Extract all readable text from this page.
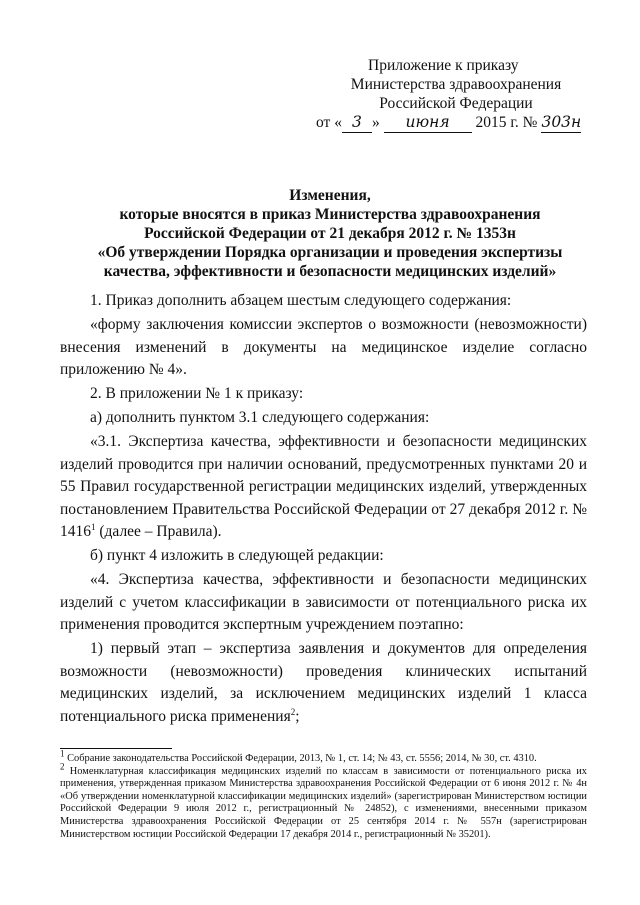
Приложение к приказу
Министерства здравоохранения
Российской Федерации
от « 3 » июня 2015 г. № 303н
Изменения,
которые вносятся в приказ Министерства здравоохранения
Российской Федерации от 21 декабря 2012 г. № 1353н
«Об утверждении Порядка организации и проведения экспертизы
качества, эффективности и безопасности медицинских изделий»

1. Приказ дополнить абзацем шестым следующего содержания:

«форму заключения комиссии экспертов о возможности (невозможности) внесения изменений в документы на медицинское изделие согласно приложению № 4».

2. В приложении № 1 к приказу:

а) дополнить пунктом 3.1 следующего содержания:

«3.1. Экспертиза качества, эффективности и безопасности медицинских изделий проводится при наличии оснований, предусмотренных пунктами 20 и 55 Правил государственной регистрации медицинских изделий, утвержденных постановлением Правительства Российской Федерации от 27 декабря 2012 г. № 1416$^1$ (далее – Правила).

б) пункт 4 изложить в следующей редакции:

«4. Экспертиза качества, эффективности и безопасности медицинских изделий с учетом классификации в зависимости от потенциального риска их применения проводится экспертным учреждением поэтапно:

1) первый этап – экспертиза заявления и документов для определения возможности (невозможности) проведения клинических испытаний медицинских изделий, за исключением медицинских изделий 1 класса потенциального риска применения$^2$;

$^1$ Собрание законодательства Российской Федерации, 2013, № 1, ст. 14; № 43, ст. 5556; 2014, № 30, ст. 4310.

$^2$ Номенклатурная классификация медицинских изделий по классам в зависимости от потенциального риска их применения, утвержденная приказом Министерства здравоохранения Российской Федерации от 6 июня 2012 г. № 4н «Об утверждении номенклатурной классификации медицинских изделий» (зарегистрирован Министерством юстиции Российской Федерации 9 июля 2012 г., регистрационный № 24852), с изменениями, внесенными приказом Министерства здравоохранения Российской Федерации от 25 сентября 2014 г. № 557н (зарегистрирован Министерством юстиции Российской Федерации 17 декабря 2014 г., регистрационный № 35201).
